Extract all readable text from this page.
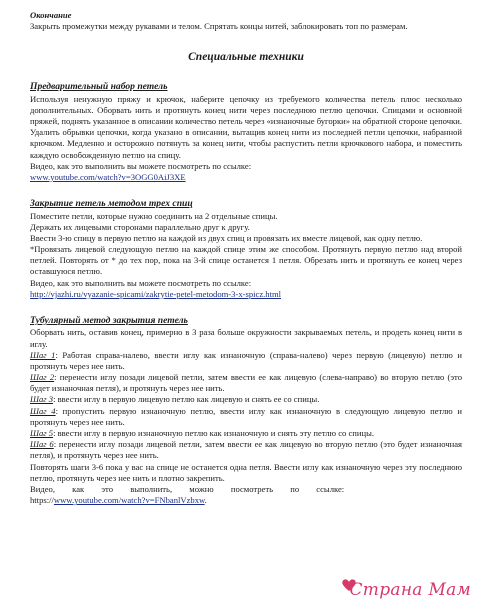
Окончание

Закрыть промежутки между рукавами и телом. Спрятать концы нитей, заблокировать топ по размерам.

Специальные техники
Предварительный набор петель

Используя ненужную пряжу и крючок, наберите цепочку из требуемого количества петель плюс несколько дополнительных. Оборвать нить и протянуть конец нити через последнюю петлю цепочки. Спицами и основной пряжей, поднять указанное в описании количество петель через «изнаночные бугорки» на обратной стороне цепочки. Удалить обрывки цепочки, когда указано в описании, вытащив конец нити из последней петли цепочки, набранной крючком. Медленно и осторожно потянуть за конец нити, чтобы распустить петли крючкового набора, и поместить каждую освобожденную петлю на спицу.

Видео, как это выполнить вы можете посмотреть по ссылке:

www.youtube.com/watch?v=3OGG0AiJ3XE
Закрытие петель методом трех спиц

Поместите петли, которые нужно соединить на 2 отдельные спицы.

Держать их лицевыми сторонами параллельно друг к другу.

Ввести 3-ю спицу в первую петлю на каждой из двух спиц и провязать их вместе лицевой, как одну петлю.

*Провязать лицевой следующую петлю на каждой спице этим же способом. Протянуть первую петлю над второй петлей. Повторять от * до тех пор, пока на 3-й спице останется 1 петля. Обрезать нить и протянуть ее конец через оставшуюся петлю.

Видео, как это выполнить вы можете посмотреть по ссылке:

http://vjazhi.ru/vyazanie-spicami/zakrytie-petel-metodom-3-x-spicz.html
Тубулярный метод закрытия петель

Оборвать нить, оставив конец, примерно в 3 раза больше окружности закрываемых петель, и продеть конец нити в иглу.

Шаг 1: Работая справа-налево, ввести иглу как изнаночную (справа-налево) через первую (лицевую) петлю и протянуть через нее нить.

Шаг 2: перенести иглу позади лицевой петли, затем ввести ее как лицевую (слева-направо) во вторую петлю (это будет изнаночная петля), и протянуть через нее нить.

Шаг 3: ввести иглу в первую лицевую петлю как лицевую и снять ее со спицы.

Шаг 4: пропустить первую изнаночную петлю, ввести иглу как изнаночную в следующую лицевую петлю и протянуть через нее нить.

Шаг 5: ввести иглу в первую изнаночную петлю как изнаночную и снять эту петлю со спицы.

Шаг 6: перенести иглу позади лицевой петли, затем ввести ее как лицевую во вторую петлю (это будет изнаночная петля), и протянуть через нее нить.

Повторять шаги 3-6 пока у вас на спице не останется одна петля. Ввести иглу как изнаночную через эту последнюю петлю, протянуть через нее нить и плотно закрепить.

Видео,        как        это        выполнить,        можно        посмотреть        по        ссылке:

https://www.youtube.com/watch?v=FNbanlVzbxw.
Страна Мам
